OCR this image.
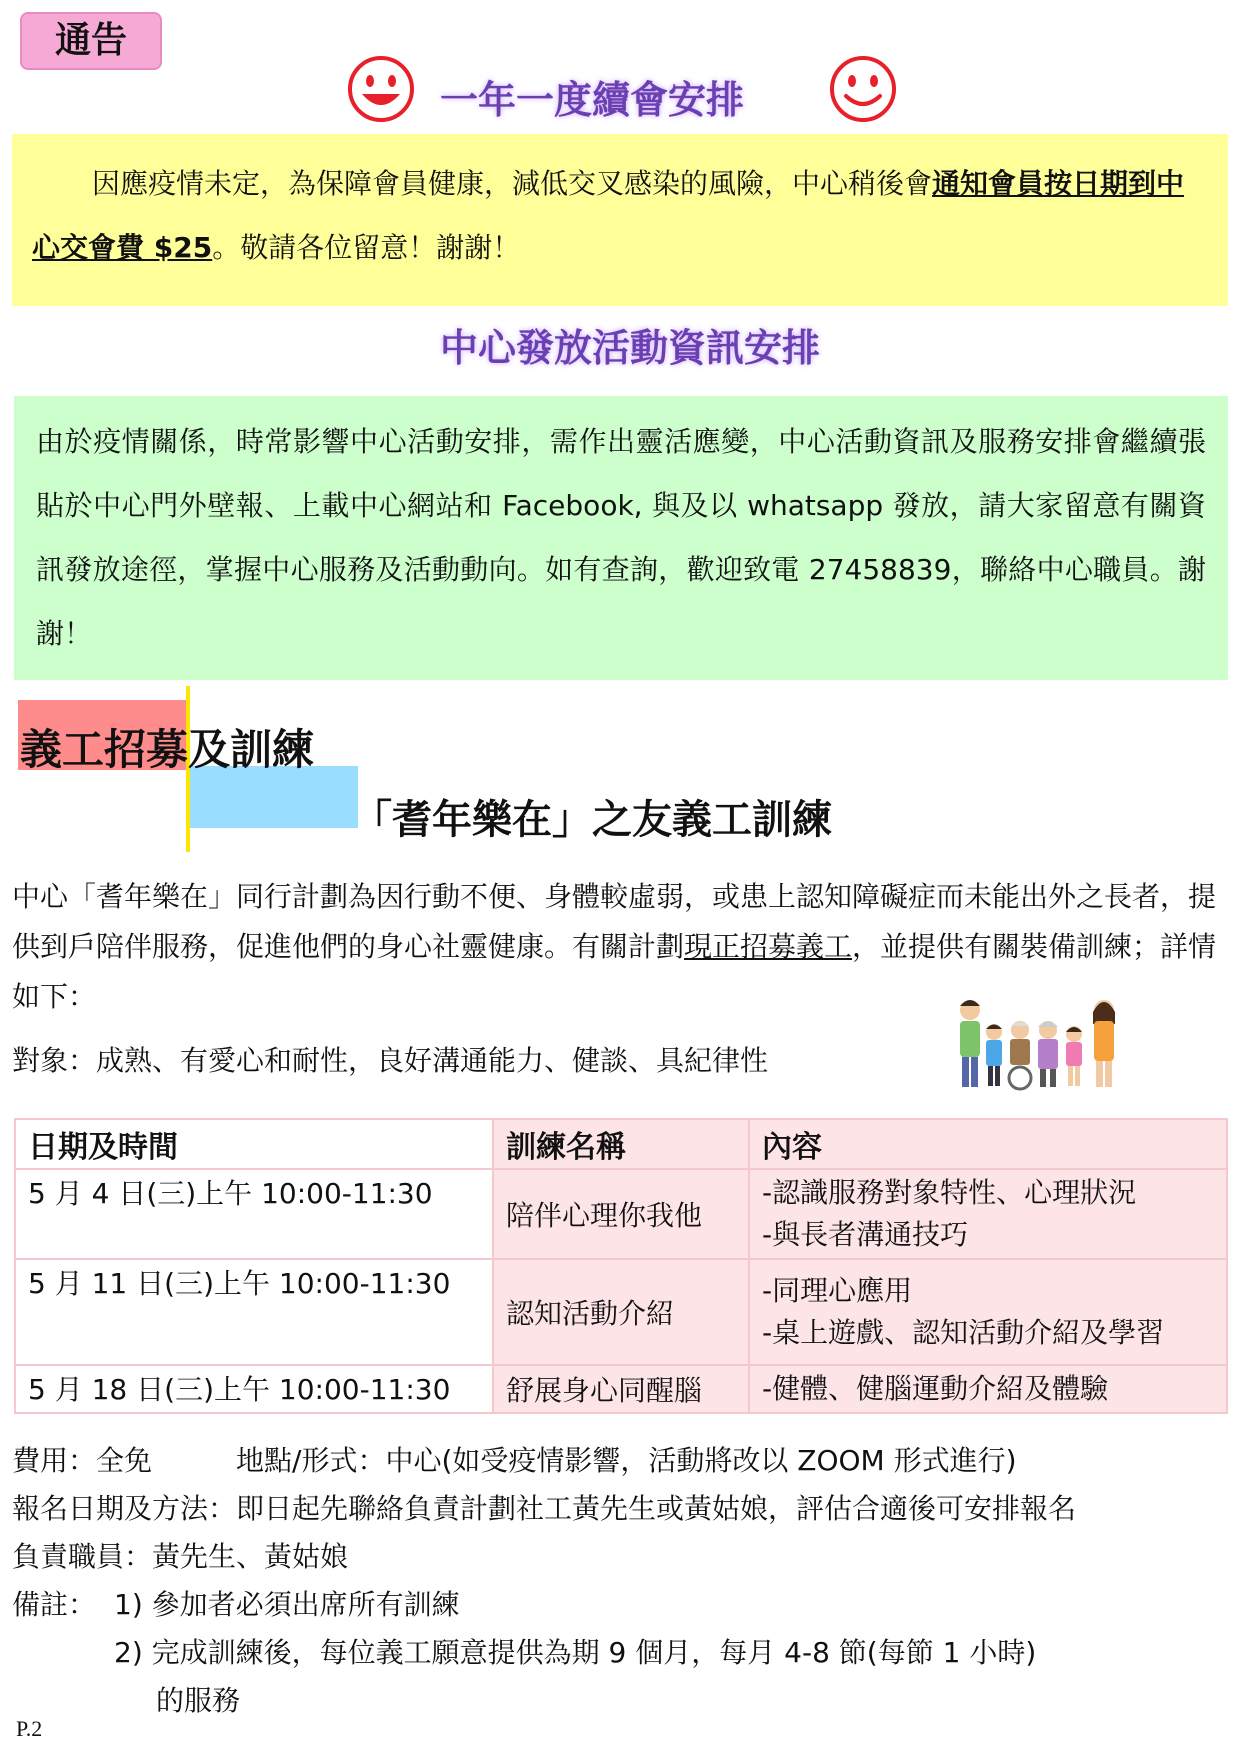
通告
一年一度續會安排
因應疫情未定，為保障會員健康，減低交叉感染的風險，中心稍後會通知會員按日期到中心交會費 $25。敬請各位留意！謝謝！
中心發放活動資訊安排
由於疫情關係，時常影響中心活動安排，需作出靈活應變，中心活動資訊及服務安排會繼續張貼於中心門外壁報、上載中心網站和 Facebook, 與及以 whatsapp 發放，請大家留意有關資訊發放途徑，掌握中心服務及活動動向。如有查詢，歡迎致電 27458839，聯絡中心職員。謝謝！
義工招募及訓練
「耆年樂在」之友義工訓練
中心「耆年樂在」同行計劃為因行動不便、身體較虛弱，或患上認知障礙症而未能出外之長者，提供到戶陪伴服務，促進他們的身心社靈健康。有關計劃現正招募義工，並提供有關裝備訓練；詳情如下：
對象：成熟、有愛心和耐性，良好溝通能力、健談、具紀律性
日期及時間	訓練名稱	內容
5 月 4 日(三)上午 10:00-11:30	陪伴心理你我他	-認識服務對象特性、心理狀況
-與長者溝通技巧

5 月 11 日(三)上午 10:00-11:30	認知活動介紹	-同理心應用
-桌上遊戲、認知活動介紹及學習

5 月 18 日(三)上午 10:00-11:30	舒展身心同醒腦	-健體、健腦運動介紹及體驗
費用：全免	地點/形式：中心(如受疫情影響，活動將改以 ZOOM 形式進行)
報名日期及方法：即日起先聯絡負責計劃社工黃先生或黃姑娘，評估合適後可安排報名
負責職員：黃先生、黃姑娘
備註： 1) 參加者必須出席所有訓練
2) 完成訓練後，每位義工願意提供為期 9 個月，每月 4-8 節(每節 1 小時)
的服務
P.2
